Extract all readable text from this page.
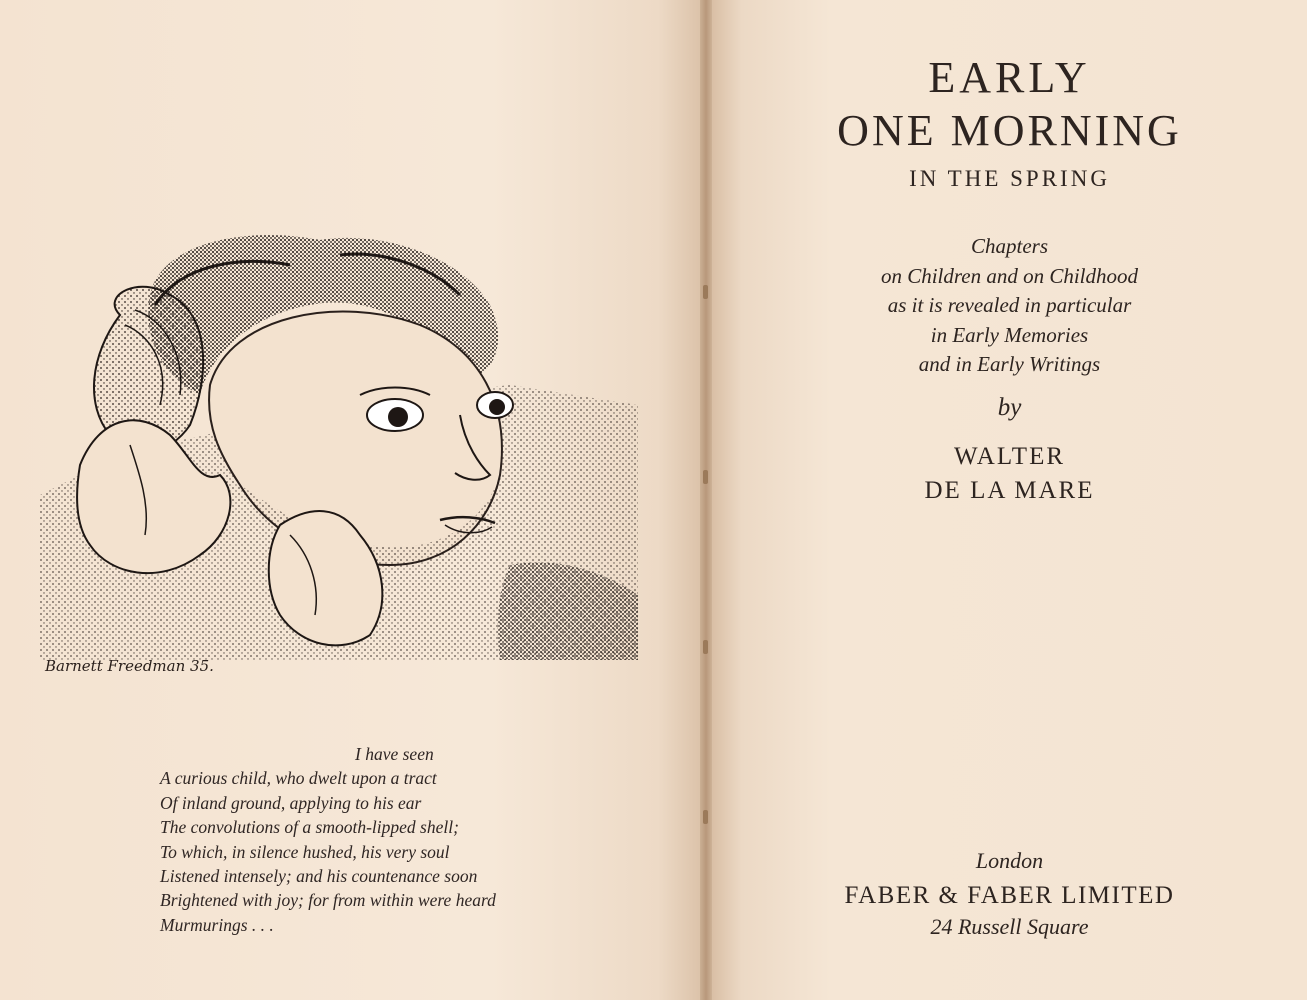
Barnett Freedman 35.
I have seen
A curious child, who dwelt upon a tract
Of inland ground, applying to his ear
The convolutions of a smooth-lipped shell;
To which, in silence hushed, his very soul
Listened intensely; and his countenance soon
Brightened with joy; for from within were heard
Murmurings . . .
EARLY
ONE MORNING
IN THE SPRING
Chapters
on Children and on Childhood
as it is revealed in particular
in Early Memories
and in Early Writings
by
WALTER
DE LA MARE
London
FABER & FABER LIMITED
24 Russell Square
